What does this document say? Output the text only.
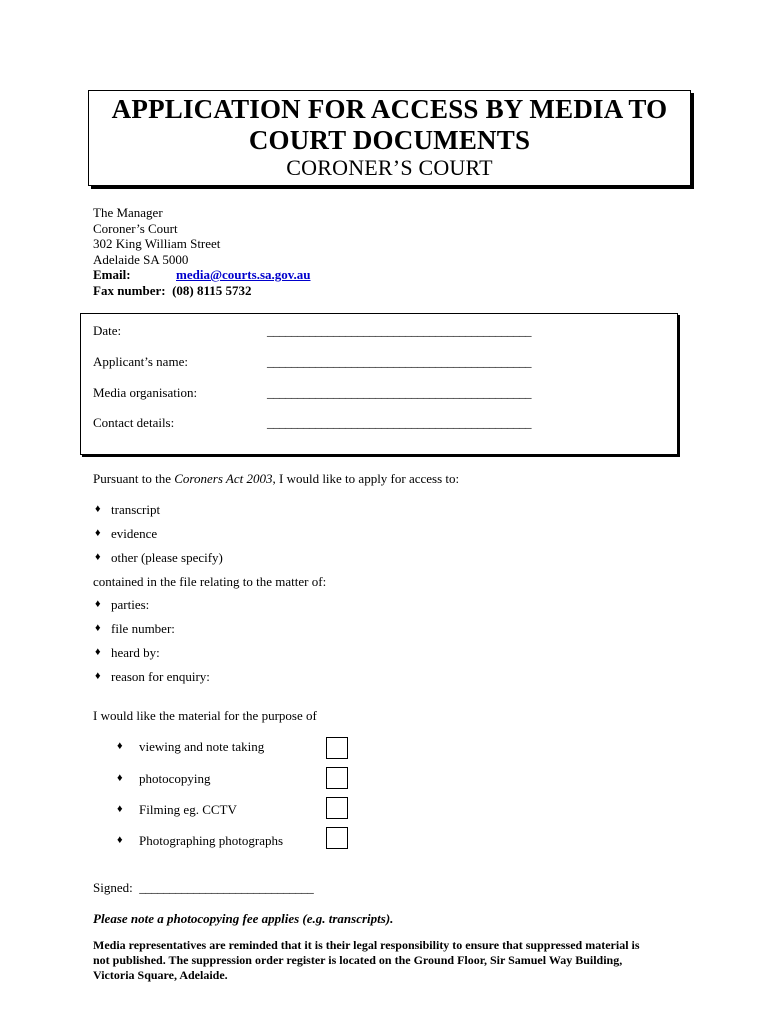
APPLICATION FOR ACCESS BY MEDIA TO
COURT DOCUMENTS
CORONER’S COURT
The Manager
Coroner’s Court
302 King William Street
Adelaide SA 5000
Email:	media@courts.sa.gov.au
Fax number: (08) 8115 5732
Date:	____________________________________________
Applicant’s name:	____________________________________________
Media organisation:	____________________________________________
Contact details:	____________________________________________
Pursuant to the Coroners Act 2003, I would like to apply for access to:
♦ transcript
♦ evidence
♦ other (please specify)
contained in the file relating to the matter of:
♦ parties:
♦ file number:
♦ heard by:
♦ reason for enquiry:
I would like the material for the purpose of
♦ viewing and note taking
♦ photocopying
♦ Filming eg. CCTV
♦ Photographing photographs
Signed: _____________________________
Please note a photocopying fee applies (e.g. transcripts).
Media representatives are reminded that it is their legal responsibility to ensure that suppressed material is
not published. The suppression order register is located on the Ground Floor, Sir Samuel Way Building,
Victoria Square, Adelaide.
